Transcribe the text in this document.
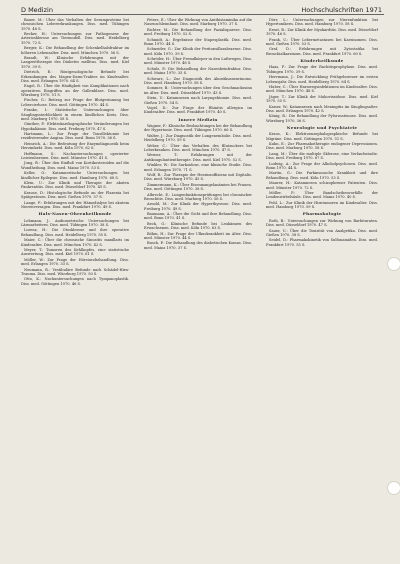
D Medizin	Hochschulschriften 1971
Bauer, M.: Über das Verhalten der Serumproteine bei chronischen Lebererkrankungen. Diss. med. Tübingen 1970. 48 S.
Becker, H.: Untersuchungen zur Pathogenese der Arteriosklerose am Tiermodell. Diss. med. Heidelberg 1970. 72 S.
Berger, K.: Die Behandlung der Schenkelhalsfraktur im höheren Lebensalter. Diss. med. München 1970. 56 S.
Brandt, W.: Klinische Erfahrungen mit der Langzeittherapie des Diabetes mellitus. Diss. med. Kiel 1970. 39 S.
Dietrich, E.: Röntgenologische Befunde bei Erkrankungen des Magen-Darm-Traktes im Kindesalter. Diss. med. Erlangen 1970. 64 S.
Engel, R.: Über die Häufigkeit von Komplikationen nach operativen Eingriffen an der Gallenblase. Diss. med. Würzburg 1970. 51 S.
Fischer, G.: Beitrag zur Frage der Blutgerinnung bei Lebercirrhose. Diss. med. Göttingen 1970. 44 S.
Franke, I.: Statistische Untersuchungen über Säuglingssterblichkeit in einem ländlichen Kreis. Diss. med. Marburg 1970. 58 S.
Günther, P.: Elektrokardiographische Veränderungen bei Hypokaliämie. Diss. med. Freiburg 1970. 47 S.
Hartmann, L.: Zur Frage der Tonsillektomie bei rezidivierender Angina. Diss. med. Bonn 1970. 36 S.
Heinrich, A.: Die Bedeutung der Enzymdiagnostik beim Herzinfarkt. Diss. med. Köln 1970. 62 S.
Hoffmann, S.: Nachuntersuchungen operierter Leistenhernien. Diss. med. Münster 1970. 41 S.
Jung, B.: Über den Einfluß von Kortikosteroiden auf die Wundheilung. Diss. med. Mainz 1970. 53 S.
Keller, O.: Katamnestische Untersuchungen bei kindlicher Epilepsie. Diss. med. Hamburg 1970. 68 S.
Klein, U.: Zur Klinik und Therapie der akuten Pankreatitis. Diss. med. Düsseldorf 1970. 45 S.
Krause, D.: Histologische Befunde an der Plazenta bei Spätgestosen. Diss. med. Gießen 1970. 57 S.
Lange, F.: Erfahrungen mit der Hämodialyse bei akutem Nierenversagen. Diss. med. Frankfurt 1970. 49 S.
Hals-Nasen-Ohrenheilkunde
Lehmann, J.: Audiometrische Untersuchungen bei Lärmarbeitern. Diss. med. Tübingen 1970. 38 S.
Lorenz, H.: Die Otosklerose und ihre operative Behandlung. Diss. med. Heidelberg 1970. 55 S.
Maier, C.: Über die chronische Sinusitis maxillaris im Kindesalter. Diss. med. München 1970. 42 S.
Meyer, T.: Tumoren des Kehlkopfes, eine statistische Auswertung. Diss. med. Kiel 1970. 61 S.
Möller, W.: Zur Frage der Hörsturzbehandlung. Diss. med. Erlangen 1970. 33 S.
Neumann, R.: Vestibuläre Befunde nach Schädel-Hirn-Trauma. Diss. med. Würzburg 1970. 50 S.
Otto, K.: Nachuntersuchungen nach Tympanoplastik. Diss. med. Göttingen 1970. 46 S.
Peters, E.: Über die Wirkung von Antihistaminika auf die Nasenschleimhaut. Diss. med. Marburg 1970. 37 S.
Richter, M.: Die Behandlung der Fazialisparese. Diss. med. Freiburg 1970. 52 S.
Schmidt, A.: Ergebnisse der Stapesplastik. Diss. med. Bonn 1970. 44 S.
Schneider, G.: Zur Klinik der Peritonsillarabszesse. Diss. med. Köln 1970. 39 S.
Schröder, H.: Über Fremdkörper in den Luftwegen. Diss. med. Münster 1970. 48 S.
Schulz, P.: Die Behandlung der Nasenbeinfraktur. Diss. med. Mainz 1970. 35 S.
Schwarz, L.: Zur Diagnostik des Akustikusneurinoms. Diss. med. Hamburg 1970. 58 S.
Sommer, B.: Untersuchungen über den Geschmackssinn im Alter. Diss. med. Düsseldorf 1970. 43 S.
Stein, U.: Katamnesen nach Laryngektomie. Diss. med. Gießen 1970. 54 S.
Vogel, D.: Zur Frage der Rhinitis allergica im Kindesalter. Diss. med. Frankfurt 1970. 40 S.
Innere Medizin
Wagner, F.: Klinische Beobachtungen bei der Behandlung der Hypertonie. Diss. med. Tübingen 1970. 66 S.
Walter, J.: Zur Diagnostik der Lungenembolie. Diss. med. Heidelberg 1970. 59 S.
Weber, C.: Über das Verhalten des Blutzuckers bei Leberkranken. Diss. med. München 1970. 47 S.
Werner, T.: Erfahrungen mit der Antikoagulantientherapie. Diss. med. Kiel 1970. 52 S.
Winkler, W.: Die Sarkoidose, eine klinische Studie. Diss. med. Erlangen 1970. 71 S.
Wolf, R.: Zur Therapie der Herzinsuffizienz mit Digitalis. Diss. med. Würzburg 1970. 45 S.
Zimmermann, K.: Über Eisenmangelanämien bei Frauen. Diss. med. Göttingen 1970. 38 S.
Albrecht, E.: Lungenfunktionsprüfungen bei chronischer Bronchitis. Diss. med. Marburg 1970. 56 S.
Arnold, M.: Zur Klinik der Hyperthyreose. Diss. med. Freiburg 1970. 49 S.
Baumann, A.: Über die Gicht und ihre Behandlung. Diss. med. Bonn 1970. 41 S.
Beck, G.: Klinische Befunde bei Leukämien des Erwachsenen. Diss. med. Köln 1970. 63 S.
Böhm, H.: Zur Frage der Ulkuskrankheit im Alter. Diss. med. Münster 1970. 44 S.
Busch, P.: Die Behandlung des diabetischen Komas. Diss. med. Mainz 1970. 37 S.
Dörr, L.: Untersuchungen zur Nierenfunktion bei Hypertonikern. Diss. med. Hamburg 1970. 58 S.
Ernst, B.: Zur Klinik der Myokarditis. Diss. med. Düsseldorf 1970. 46 S.
Frank, U.: Über Lebermetastasen bei Karzinomen. Diss. med. Gießen 1970. 53 S.
Graf, D.: Erfahrungen mit Zytostatika bei Bronchialkarzinom. Diss. med. Frankfurt 1970. 60 S.
Kinderheilkunde
Haas, F.: Zur Frage der Rachitisprophylaxe. Diss. med. Tübingen 1970. 39 S.
Herrmann, J.: Die Entwicklung Frühgeborener im ersten Lebensjahr. Diss. med. Heidelberg 1970. 64 S.
Huber, C.: Über Harnwegsinfektionen im Kindesalter. Diss. med. München 1970. 48 S.
Jäger, T.: Zur Klinik der Mukoviszidose. Diss. med. Kiel 1970. 55 S.
Kaiser, W.: Katamnesen nach Meningitis im Säuglingsalter. Diss. med. Erlangen 1970. 42 S.
König, R.: Die Behandlung der Pylorusstenose. Diss. med. Würzburg 1970. 36 S.
Neurologie und Psychiatrie
Kraus, K.: Elektroenzephalographische Befunde bei Migräne. Diss. med. Göttingen 1970. 51 S.
Kuhn, E.: Zur Pharmakotherapie endogener Depressionen. Diss. med. Marburg 1970. 58 S.
Lang, M.: Über die multiple Sklerose, eine Verlaufsstudie. Diss. med. Freiburg 1970. 67 S.
Ludwig, A.: Zur Frage der Alkoholpsychosen. Diss. med. Bonn 1970. 44 S.
Martin, G.: Die Parkinsonsche Krankheit und ihre Behandlung. Diss. med. Köln 1970. 53 S.
Maurer, H.: Katamnesen schizophrener Patienten. Diss. med. Münster 1970. 72 S.
Möller, P.: Über Bandscheibenvorfälle der Lendenwirbelsäule. Diss. med. Mainz 1970. 40 S.
Pohl, L.: Zur Klinik der Hirntumoren im Kindesalter. Diss. med. Hamburg 1970. 59 S.
Pharmakologie
Roth, B.: Untersuchungen zur Wirkung von Barbituraten. Diss. med. Düsseldorf 1970. 47 S.
Sauer, U.: Über die Toxizität von Analgetika. Diss. med. Gießen 1970. 38 S.
Seidel, D.: Pharmakokinetik von Sulfonamiden. Diss. med. Frankfurt 1970. 55 S.
